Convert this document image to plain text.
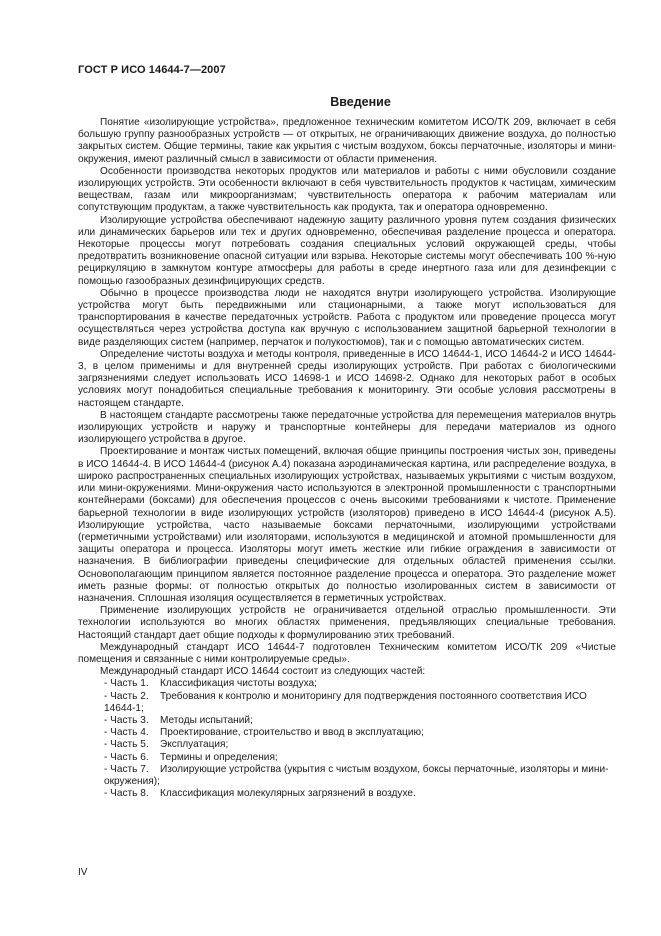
ГОСТ Р ИСО 14644-7—2007
Введение

Понятие «изолирующие устройства», предложенное техническим комитетом ИСО/ТК 209, включает в себя большую группу разнообразных устройств — от открытых, не ограничивающих движение воздуха, до полностью закрытых систем. Общие термины, такие как укрытия с чистым воздухом, боксы перчаточные, изоляторы и мини-окружения, имеют различный смысл в зависимости от области применения.

Особенности производства некоторых продуктов или материалов и работы с ними обусловили создание изолирующих устройств. Эти особенности включают в себя чувствительность продуктов к частицам, химическим веществам, газам или микроорганизмам; чувствительность оператора к рабочим материалам или сопутствующим продуктам, а также чувствительность как продукта, так и оператора одновременно.

Изолирующие устройства обеспечивают надежную защиту различного уровня путем создания физических или динамических барьеров или тех и других одновременно, обеспечивая разделение процесса и оператора. Некоторые процессы могут потребовать создания специальных условий окружающей среды, чтобы предотвратить возникновение опасной ситуации или взрыва. Некоторые системы могут обеспечивать 100 %-ную рециркуляцию в замкнутом контуре атмосферы для работы в среде инертного газа или для дезинфекции с помощью газообразных дезинфицирующих средств.

Обычно в процессе производства люди не находятся внутри изолирующего устройства. Изолирующие устройства могут быть передвижными или стационарными, а также могут использоваться для транспортирования в качестве передаточных устройств. Работа с продуктом или проведение процесса могут осуществляться через устройства доступа как вручную с использованием защитной барьерной технологии в виде разделяющих систем (например, перчаток и полукостюмов), так и с помощью автоматических систем.

Определение чистоты воздуха и методы контроля, приведенные в ИСО 14644-1, ИСО 14644-2 и ИСО 14644-3, в целом применимы и для внутренней среды изолирующих устройств. При работах с биологическими загрязнениями следует использовать ИСО 14698-1 и ИСО 14698-2. Однако для некоторых работ в особых условиях могут понадобиться специальные требования к мониторингу. Эти особые условия рассмотрены в настоящем стандарте.

В настоящем стандарте рассмотрены также передаточные устройства для перемещения материалов внутрь изолирующих устройств и наружу и транспортные контейнеры для передачи материалов из одного изолирующего устройства в другое.

Проектирование и монтаж чистых помещений, включая общие принципы построения чистых зон, приведены в ИСО 14644-4. В ИСО 14644-4 (рисунок А.4) показана аэродинамическая картина, или распределение воздуха, в широко распространенных специальных изолирующих устройствах, называемых укрытиями с чистым воздухом, или мини-окружениями. Мини-окружения часто используются в электронной промышленности с транспортными контейнерами (боксами) для обеспечения процессов с очень высокими требованиями к чистоте. Применение барьерной технологии в виде изолирующих устройств (изоляторов) приведено в ИСО 14644-4 (рисунок А.5). Изолирующие устройства, часто называемые боксами перчаточными, изолирующими устройствами (герметичными устройствами) или изоляторами, используются в медицинской и атомной промышленности для защиты оператора и процесса. Изоляторы могут иметь жесткие или гибкие ограждения в зависимости от назначения. В библиографии приведены специфические для отдельных областей применения ссылки. Основополагающим принципом является постоянное разделение процесса и оператора. Это разделение может иметь разные формы: от полностью открытых до полностью изолированных систем в зависимости от назначения. Сплошная изоляция осуществляется в герметичных устройствах.

Применение изолирующих устройств не ограничивается отдельной отраслью промышленности. Эти технологии используются во многих областях применения, предъявляющих специальные требования. Настоящий стандарт дает общие подходы к формулированию этих требований.

Международный стандарт ИСО 14644-7 подготовлен Техническим комитетом ИСО/ТК 209 «Чистые помещения и связанные с ними контролируемые среды».

Международный стандарт ИСО 14644 состоит из следующих частей:

- Часть 1. Классификация чистоты воздуха;
- Часть 2. Требования к контролю и мониторингу для подтверждения постоянного соответствия ИСО 14644-1;
- Часть 3. Методы испытаний;
- Часть 4. Проектирование, строительство и ввод в эксплуатацию;
- Часть 5. Эксплуатация;
- Часть 6. Термины и определения;
- Часть 7. Изолирующие устройства (укрытия с чистым воздухом, боксы перчаточные, изоляторы и мини-окружения);
- Часть 8. Классификация молекулярных загрязнений в воздухе.
IV
